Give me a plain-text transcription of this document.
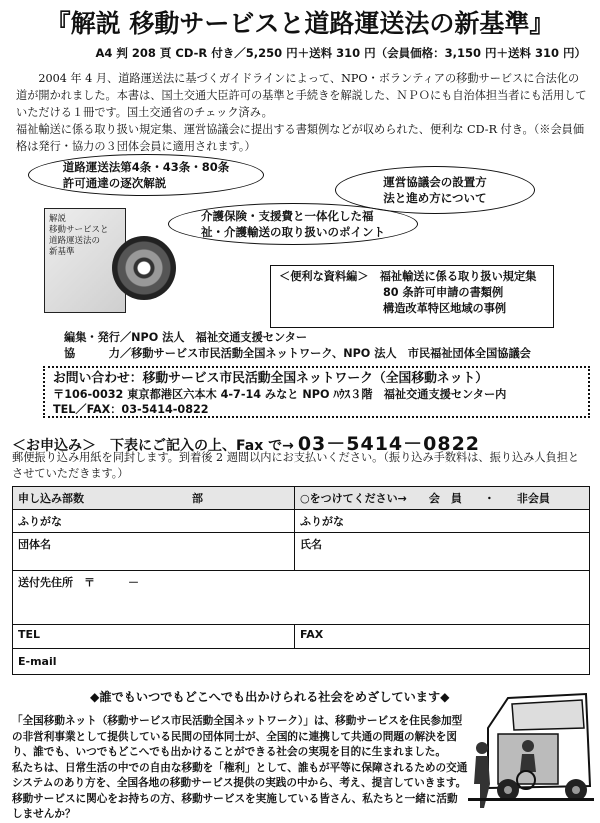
『解説 移動サービスと道路運送法の新基準』
A4 判 208 頁 CD-R 付き／5,250 円＋送料 310 円（会員価格：3,150 円＋送料 310 円）

2004 年 4 月、道路運送法に基づくガイドラインによって、NPO・ボランティアの移動サービスに合法化の道が開かれました。本書は、国土交通大臣許可の基準と手続きを解説した、ＮＰＯにも自治体担当者にも活用していただける１冊です。国土交通省のチェック済み。

福祉輸送に係る取り扱い規定集、運営協議会に提出する書類例などが収められた、便利な CD-R 付き。（※会員価格は発行・協力の３団体会員に適用されます。）

道路運送法第4条・43条・80条
許可通達の逐次解説	運営協議会の設置方
法と進め方について
介護保険・支援費と一体化した福
祉・介護輸送の取り扱いのポイント
解説
移動サービスと
道路運送法の
新基準
＜便利な資料編＞　 福祉輸送に係る取り扱い規定集
80 条許可申請の書類例
構造改革特区地域の事例
編集・発行／NPO 法人　福祉交通支援センター
協　　　力／移動サービス市民活動全国ネットワーク、NPO 法人　市民福祉団体全国協議会
お問い合わせ：移動サービス市民活動全国ネットワーク（全国移動ネット）
〒106-0032 東京都港区六本木 4-7-14 みなと NPO ﾊｳｽ３階　福祉交通支援センター内
TEL／FAX：03-5414-0822
＜お申込み＞　下表にご記入の上、Fax で→ 03－5414－0822
郵便振り込み用紙を同封します。到着後 2 週間以内にお支払いください。（振り込み手数料は、振り込み人負担とさせていただきます。）
申し込み部数 部	○をつけてください→　　会　員　　・　　非会員
ふりがな	ふりがな
団体名	氏名
送付先住所　 〒　　　－	
TEL	FAX
E-mail	
◆誰でもいつでもどこへでも出かけられる社会をめざしています◆

「全国移動ネット（移動サービス市民活動全国ネットワーク）」は、移動サービスを住民参加型の非営利事業として提供している民間の団体同士が、全国的に連携して共通の問題の解決を図り、誰でも、いつでもどこへでも出かけることができる社会の実現を目的に生まれました。

私たちは、日常生活の中での自由な移動を「権利」として、誰もが平等に保障されるための交通システムのあり方を、全国各地の移動サービス提供の実践の中から、考え、提言していきます。

移動サービスに関心をお持ちの方、移動サービスを実施している皆さん、私たちと一緒に活動しませんか？
